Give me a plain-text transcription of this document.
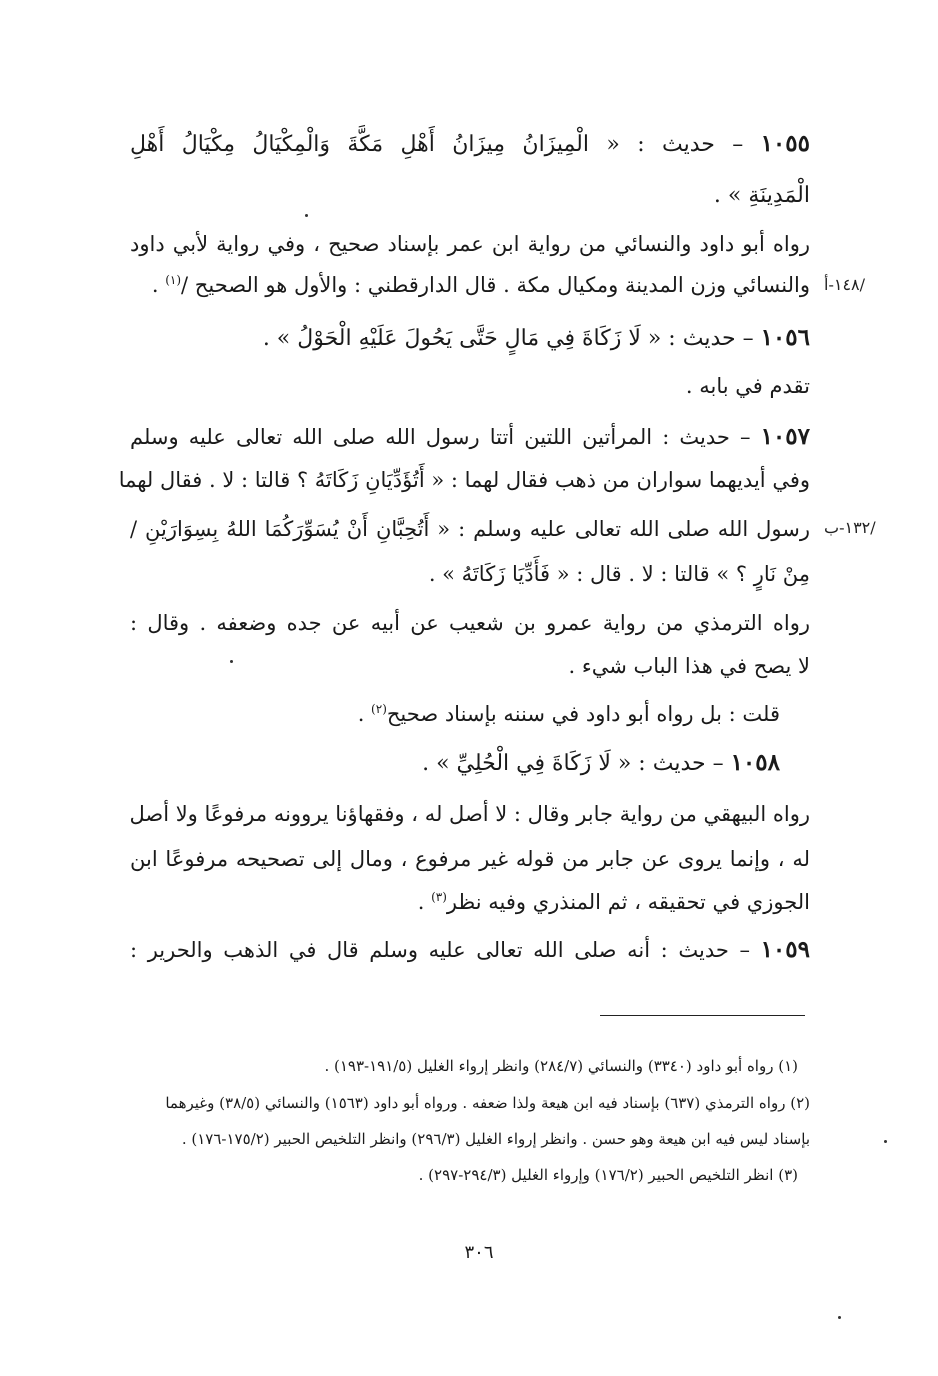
١٠٥٥ – حديث : « الْمِيزَانُ مِيزَانُ أَهْلِ مَكَّةَ وَالْمِكْيَالُ مِكْيَالُ أَهْلِ
الْمَدِينَةِ » .
رواه أبو داود والنسائي من رواية ابن عمر بإسناد صحيح ، وفي رواية لأبي داود
والنسائي وزن المدينة ومكيال مكة . قال الدارقطني : والأول هو الصحيح /$^{(١)}$ .
١٠٥٦ – حديث : « لَا زَكَاةَ فِي مَالٍ حَتَّى يَحُولَ عَلَيْهِ الْحَوْلُ » .
تقدم في بابه .
١٠٥٧ – حديث : المرأتين اللتين أتتا رسول الله صلى الله تعالى عليه وسلم
وفي أيديهما سواران من ذهب فقال لهما : « أَتُؤَدِّيَانِ زَكَاتَهُ ؟ قالتا : لا . فقال لهما
رسول الله صلى الله تعالى عليه وسلم : « أَتُحِبَّانِ أَنْ يُسَوِّرَكُمَا اللهُ بِسِوَارَيْنِ /
مِنْ نَارٍ ؟ » قالتا : لا . قال : « فَأَدِّيَا زَكَاتَهُ » .
رواه الترمذي من رواية عمرو بن شعيب عن أبيه عن جده وضعفه . وقال :
لا يصح في هذا الباب شيء .
قلت : بل رواه أبو داود في سننه بإسناد صحيح$^{(٢)}$ .
١٠٥٨ – حديث : « لَا زَكَاةَ فِي الْحُلِيِّ » .
رواه البيهقي من رواية جابر وقال : لا أصل له ، وفقهاؤنا يروونه مرفوعًا ولا أصل
له ، وإنما يروى عن جابر من قوله غير مرفوع ، ومال إلى تصحيحه مرفوعًا ابن
الجوزي في تحقيقه ، ثم المنذري وفيه نظر$^{(٣)}$ .
١٠٥٩ – حديث : أنه صلى الله تعالى عليه وسلم قال في الذهب والحرير :
/١٤٨-أ
/١٣٢-ب
(١) رواه أبو داود (٣٣٤٠) والنسائي (٢٨٤/٧) وانظر إرواء الغليل (١٩١/٥-١٩٣) .
(٢) رواه الترمذي (٦٣٧) بإسناد فيه ابن هيعة ولذا ضعفه . ورواه أبو داود (١٥٦٣) والنسائي (٣٨/٥) وغيرهما
بإسناد ليس فيه ابن هيعة وهو حسن . وانظر إرواء الغليل (٢٩٦/٣) وانظر التلخيص الحبير (١٧٥/٢-١٧٦) .
(٣) انظر التلخيص الحبير (١٧٦/٢) وإرواء الغليل (٢٩٤/٣-٢٩٧) .
٣٠٦
